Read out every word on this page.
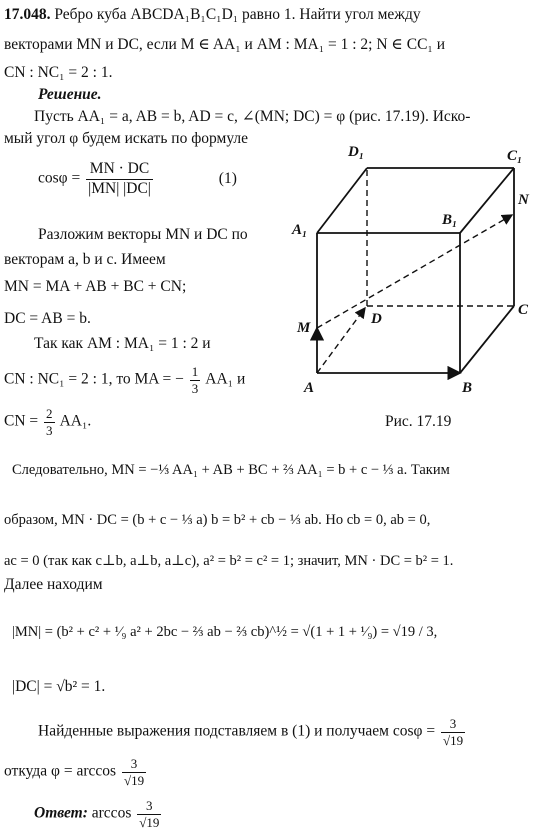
17.048. Ребро куба ABCDA₁B₁C₁D₁ равно 1. Найти угол между
векторами MN и DC, если M ∈ AA₁ и AM : MA₁ = 1 : 2; N ∈ CC₁ и
CN : NC₁ = 2 : 1.
Решение.
Пусть AA₁ = a, AB = b, AD = c, ∠(MN; DC) = φ (рис. 17.19). Иско-
мый угол φ будем искать по формуле
$\cos\varphi = \frac{MN \cdot DC}{|MN| |DC|}$	(1)
Разложим векторы MN и DC по
векторам a, b и c. Имеем
MN = MA + AB + BC + CN;
DC = AB = b.
Так как AM : MA₁ = 1 : 2 и
CN : NC₁ = 2 : 1, то MA = − $\frac{1}{3} AA_1$ и
CN = $\frac{2}{3} AA_1$.
Следовательно, MN = −⅓ AA₁ + AB + BC + ⅔ AA₁ = b + c − ⅓ a. Таким
образом, MN · DC = (b + c − ⅓ a) b = b² + cb − ⅓ ab. Но cb = 0, ab = 0,
ac = 0 (так как c⊥b, a⊥b, a⊥c), a² = b² = c² = 1; значит, MN · DC = b² = 1.
Далее находим
|MN| = (b² + c² + ¹⁄₉ a² + 2bc − ⅔ ab − ⅔ cb)^½ = √(1 + 1 + ¹⁄₉) = √19 / 3,
|DC| = √b² = 1.
Найденные выражения подставляем в (1) и получаем $\cos\varphi = \frac{3}{√19}$
откуда $\varphi = \arccos \frac{3}{√19}$
Ответ: $\arccos \frac{3}{√19}$
A	B
C
D
A₁
B₁
C₁
D₁
M
N
Рис. 17.19
